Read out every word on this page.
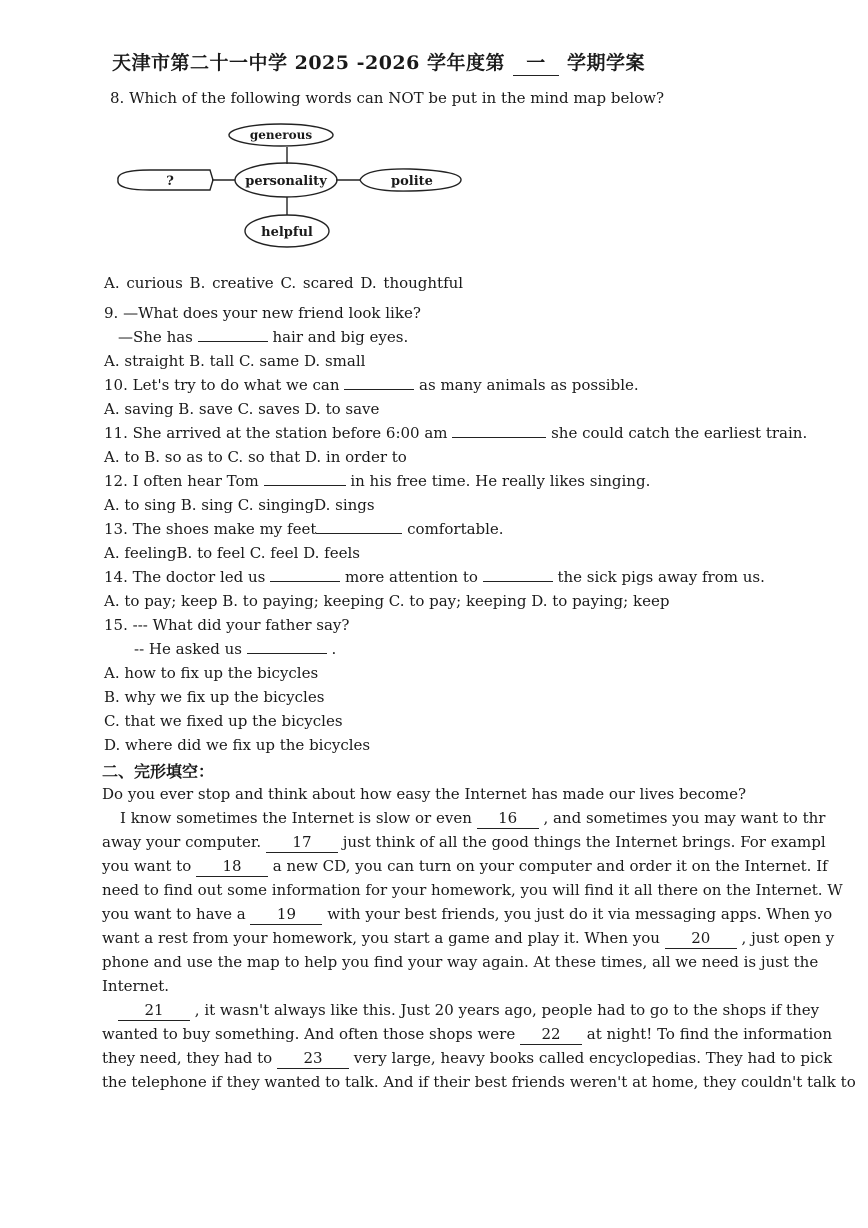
天津市第二十一中学 2025 -2026 学年度第 一 学期学案
8. Which of the following words can NOT be put in the mind map below?
generous
?	personality	polite
helpful
A. curious B. creative C. scared D. thoughtful
9. —What does your new friend look like?
—She has	hair and big eyes.
A. straight B. tall C. same D. small
10. Let's try to do what we can	as many animals as possible.
A. saving B. save C. saves D. to save
11. She arrived at the station before 6:00 am	she could catch the earliest train.
A. to B. so as to C. so that D. in order to
12. I often hear Tom	in his free time. He really likes singing.
A. to sing B. sing C. singingD. sings
13. The shoes make my feet	comfortable.
A. feelingB. to feel C. feel D. feels
14. The doctor led us	more attention to	the sick pigs away from us.
A. to pay; keep B. to paying; keeping C. to pay; keeping D. to paying; keep
15. --- What did your father say?
-- He asked us	.
A. how to fix up the bicycles
B. why we fix up the bicycles
C. that we fixed up the bicycles
D. where did we fix up the bicycles
二、完形填空：
Do you ever stop and think about how easy the Internet has made our lives become?
I know sometimes the Internet is slow or even 16 , and sometimes you may want to thr
away your computer. 17 just think of all the good things the Internet brings. For exampl
you want to 18 a new CD, you can turn on your computer and order it on the Internet. If
need to find out some information for your homework, you will find it all there on the Internet. W
you want to have a 19 with your best friends, you just do it via messaging apps. When yo
want a rest from your homework, you start a game and play it. When you 20 , just open y
phone and use the map to help you find your way again. At these times, all we need is just the
Internet.
21 , it wasn't always like this. Just 20 years ago, people had to go to the shops if they
wanted to buy something. And often those shops were 22 at night! To find the information
they need, they had to 23 very large, heavy books called encyclopedias. They had to pick
the telephone if they wanted to talk. And if their best friends weren't at home, they couldn't talk to
